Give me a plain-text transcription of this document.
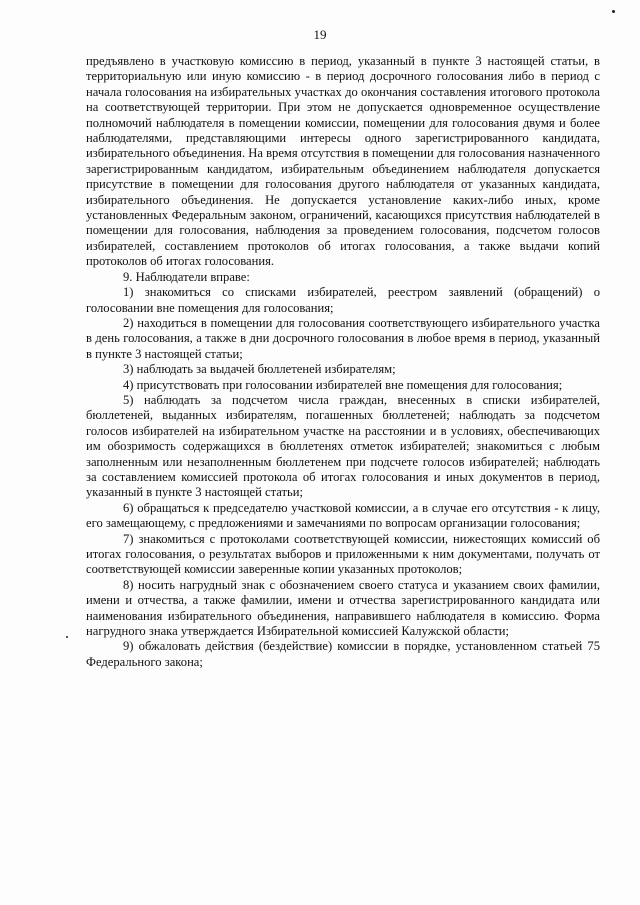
19

предъявлено в участковую комиссию в период, указанный в пункте 3 настоящей статьи, в территориальную или иную комиссию - в период досрочного голосования либо в период с начала голосования на избирательных участках до окончания составления итогового протокола на соответствующей территории. При этом не допускается одновременное осуществление полномочий наблюдателя в помещении комиссии, помещении для голосования двумя и более наблюдателями, представляющими интересы одного зарегистрированного кандидата, избирательного объединения. На время отсутствия в помещении для голосования назначенного зарегистрированным кандидатом, избирательным объединением наблюдателя допускается присутствие в помещении для голосования другого наблюдателя от указанных кандидата, избирательного объединения. Не допускается установление каких-либо иных, кроме установленных Федеральным законом, ограничений, касающихся присутствия наблюдателей в помещении для голосования, наблюдения за проведением голосования, подсчетом голосов избирателей, составлением протоколов об итогах голосования, а также выдачи копий протоколов об итогах голосования.

9. Наблюдатели вправе:

1) знакомиться со списками избирателей, реестром заявлений (обращений) о голосовании вне помещения для голосования;

2) находиться в помещении для голосования соответствующего избирательного участка в день голосования, а также в дни досрочного голосования в любое время в период, указанный в пункте 3 настоящей статьи;

3) наблюдать за выдачей бюллетеней избирателям;

4) присутствовать при голосовании избирателей вне помещения для голосования;

5) наблюдать за подсчетом числа граждан, внесенных в списки избирателей, бюллетеней, выданных избирателям, погашенных бюллетеней; наблюдать за подсчетом голосов избирателей на избирательном участке на расстоянии и в условиях, обеспечивающих им обозримость содержащихся в бюллетенях отметок избирателей; знакомиться с любым заполненным или незаполненным бюллетенем при подсчете голосов избирателей; наблюдать за составлением комиссией протокола об итогах голосования и иных документов в период, указанный в пункте 3 настоящей статьи;

6) обращаться к председателю участковой комиссии, а в случае его отсутствия - к лицу, его замещающему, с предложениями и замечаниями по вопросам организации голосования;

7) знакомиться с протоколами соответствующей комиссии, нижестоящих комиссий об итогах голосования, о результатах выборов и приложенными к ним документами, получать от соответствующей комиссии заверенные копии указанных протоколов;

8) носить нагрудный знак с обозначением своего статуса и указанием своих фамилии, имени и отчества, а также фамилии, имени и отчества зарегистрированного кандидата или наименования избирательного объединения, направившего наблюдателя в комиссию. Форма нагрудного знака утверждается Избирательной комиссией Калужской области;

9) обжаловать действия (бездействие) комиссии в порядке, установленном статьей 75 Федерального закона;
